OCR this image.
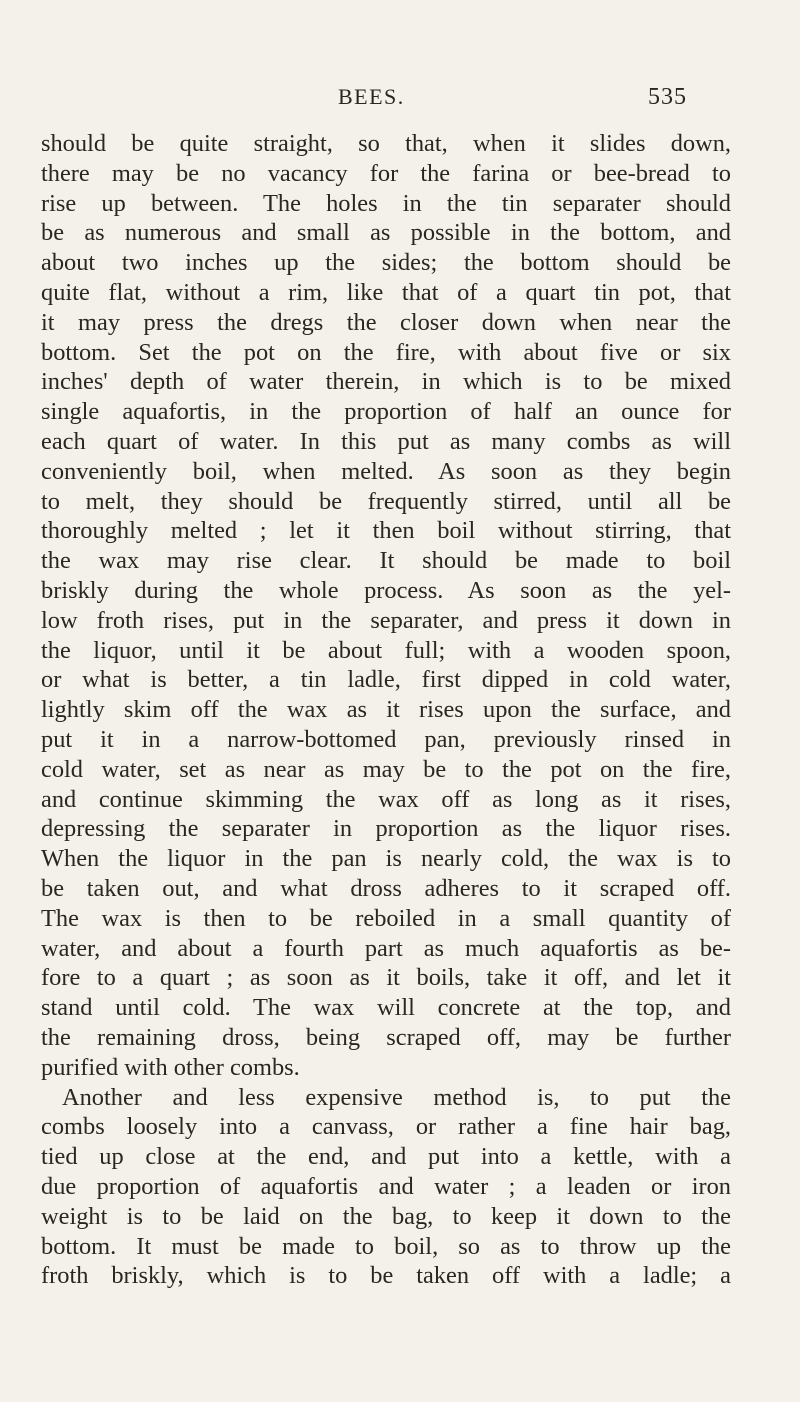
BEES.	535
should be quite straight, so that, when it slides down,
there may be no vacancy for the farina or bee-bread to
rise up between. The holes in the tin separater should
be as numerous and small as possible in the bottom, and
about two inches up the sides; the bottom should be
quite flat, without a rim, like that of a quart tin pot, that
it may press the dregs the closer down when near the
bottom. Set the pot on the fire, with about five or six
inches' depth of water therein, in which is to be mixed
single aquafortis, in the proportion of half an ounce for
each quart of water. In this put as many combs as will
conveniently boil, when melted. As soon as they begin
to melt, they should be frequently stirred, until all be
thoroughly melted ; let it then boil without stirring, that
the wax may rise clear. It should be made to boil
briskly during the whole process. As soon as the yel-
low froth rises, put in the separater, and press it down in
the liquor, until it be about full; with a wooden spoon,
or what is better, a tin ladle, first dipped in cold water,
lightly skim off the wax as it rises upon the surface, and
put it in a narrow-bottomed pan, previously rinsed in
cold water, set as near as may be to the pot on the fire,
and continue skimming the wax off as long as it rises,
depressing the separater in proportion as the liquor rises.
When the liquor in the pan is nearly cold, the wax is to
be taken out, and what dross adheres to it scraped off.
The wax is then to be reboiled in a small quantity of
water, and about a fourth part as much aquafortis as be-
fore to a quart ; as soon as it boils, take it off, and let it
stand until cold. The wax will concrete at the top, and
the remaining dross, being scraped off, may be further
purified with other combs.
Another and less expensive method is, to put the
combs loosely into a canvass, or rather a fine hair bag,
tied up close at the end, and put into a kettle, with a
due proportion of aquafortis and water ; a leaden or iron
weight is to be laid on the bag, to keep it down to the
bottom. It must be made to boil, so as to throw up the
froth briskly, which is to be taken off with a ladle; a
